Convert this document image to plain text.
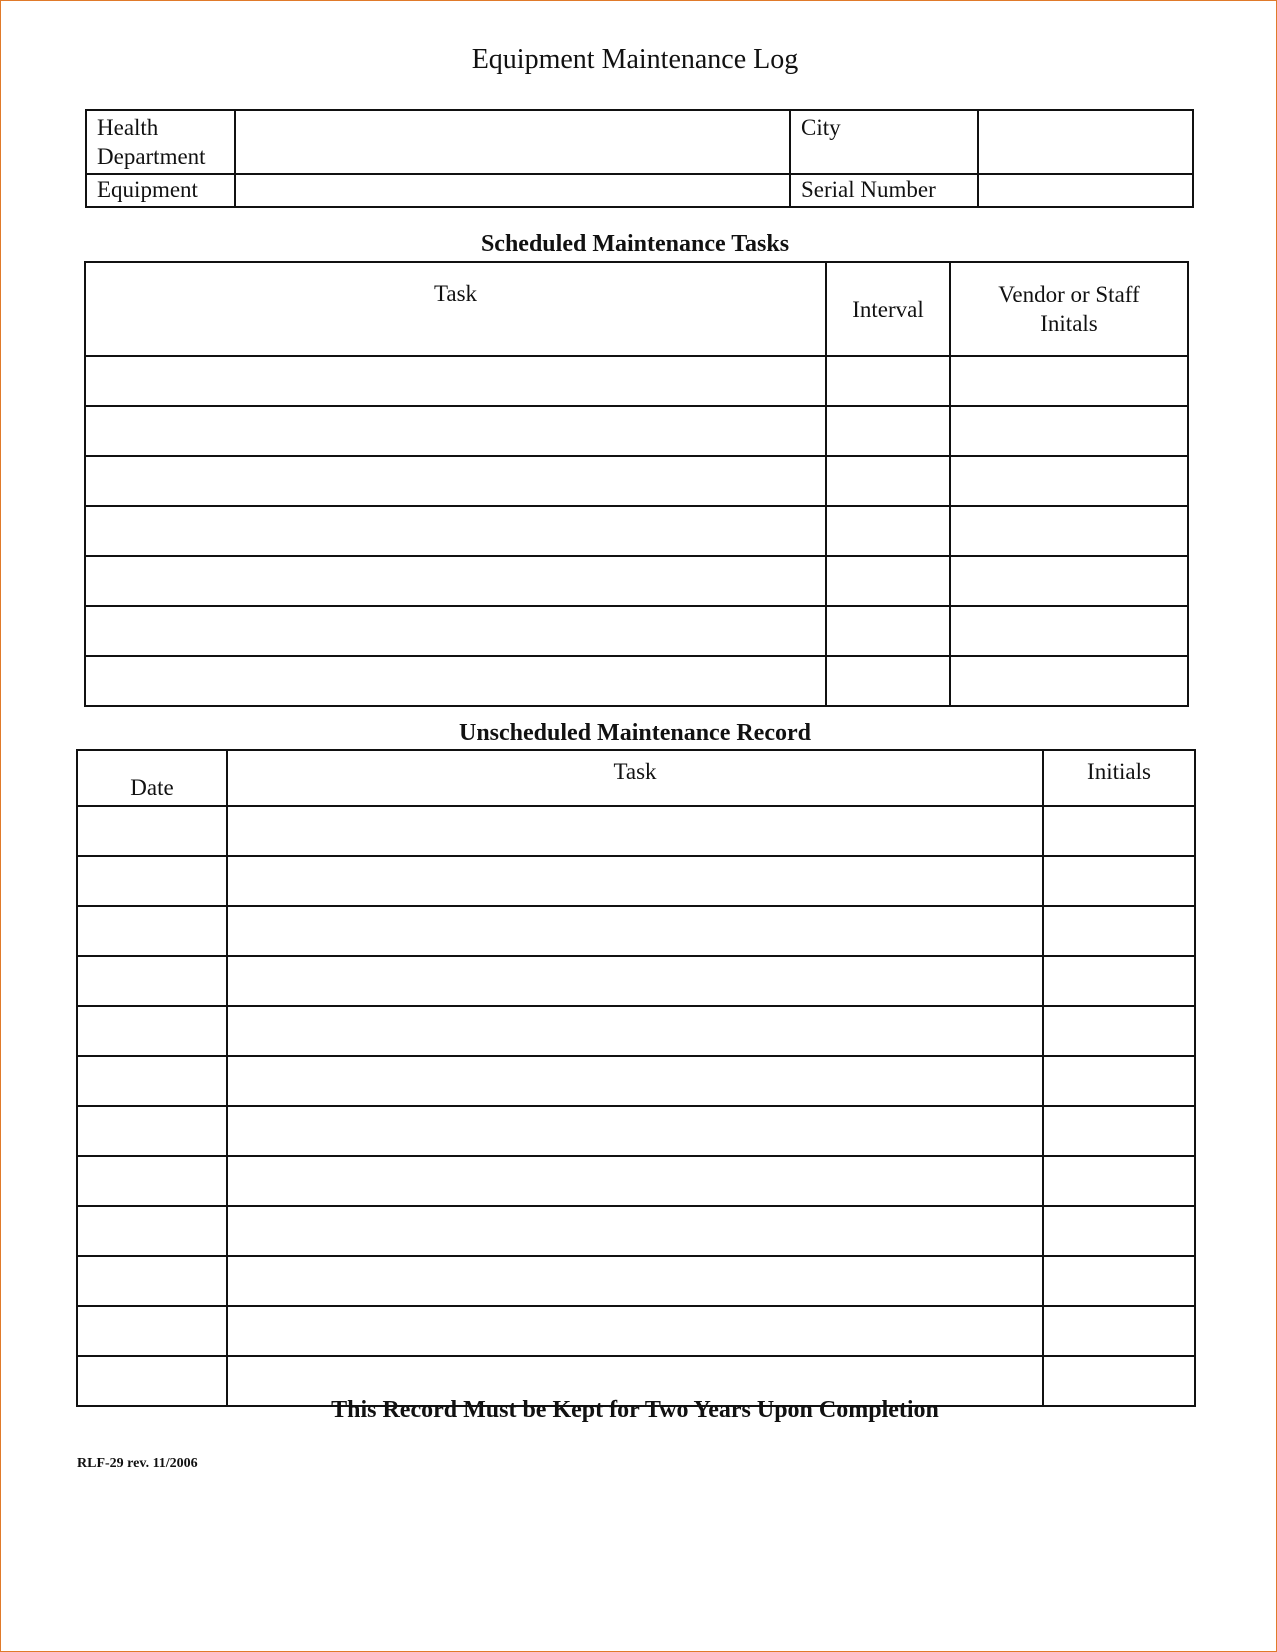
Equipment Maintenance Log
Health Department		City	
Equipment		Serial Number	
Scheduled Maintenance Tasks
Task	Interval	Vendor or Staff
Initals

Unscheduled Maintenance Record
Date	Task	Initials

This Record Must be Kept for Two Years Upon Completion
RLF-29 rev. 11/2006
